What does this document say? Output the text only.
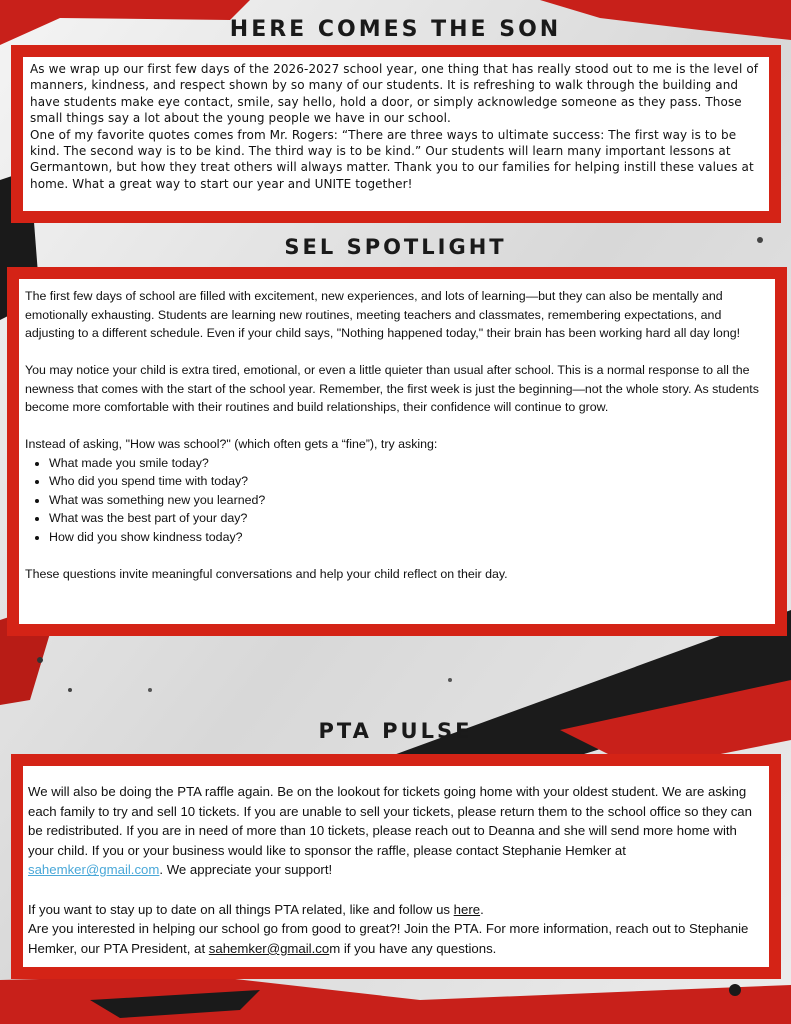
HERE COMES THE SON

As we wrap up our first few days of the 2026-2027 school year, one thing that has really stood out to me is the level of manners, kindness, and respect shown by so many of our students. It is refreshing to walk through the building and have students make eye contact, smile, say hello, hold a door, or simply acknowledge someone as they pass. Those small things say a lot about the young people we have in our school.

One of my favorite quotes comes from Mr. Rogers: “There are three ways to ultimate success: The first way is to be kind. The second way is to be kind. The third way is to be kind.” Our students will learn many important lessons at Germantown, but how they treat others will always matter. Thank you to our families for helping instill these values at home. What a great way to start our year and UNITE together!

SEL SPOTLIGHT

The first few days of school are filled with excitement, new experiences, and lots of learning—but they can also be mentally and emotionally exhausting. Students are learning new routines, meeting teachers and classmates, remembering expectations, and adjusting to a different schedule. Even if your child says, "Nothing happened today," their brain has been working hard all day long!

You may notice your child is extra tired, emotional, or even a little quieter than usual after school. This is a normal response to all the newness that comes with the start of the school year. Remember, the first week is just the beginning—not the whole story. As students become more comfortable with their routines and build relationships, their confidence will continue to grow.

Instead of asking, "How was school?" (which often gets a “fine”), try asking:

• What made you smile today?
• Who did you spend time with today?
• What was something new you learned?
• What was the best part of your day?
• How did you show kindness today?

These questions invite meaningful conversations and help your child reflect on their day.

PTA PULSE

We will also be doing the PTA raffle again. Be on the lookout for tickets going home with your oldest student. We are asking each family to try and sell 10 tickets. If you are unable to sell your tickets, please return them to the school office so they can be redistributed. If you are in need of more than 10 tickets, please reach out to Deanna and she will send more home with your child. If you or your business would like to sponsor the raffle, please contact Stephanie Hemker at sahemker@gmail.com. We appreciate your support!

If you want to stay up to date on all things PTA related, like and follow us here.

Are you interested in helping our school go from good to great?! Join the PTA. For more information, reach out to Stephanie Hemker, our PTA President, at sahemker@gmail.com if you have any questions.
